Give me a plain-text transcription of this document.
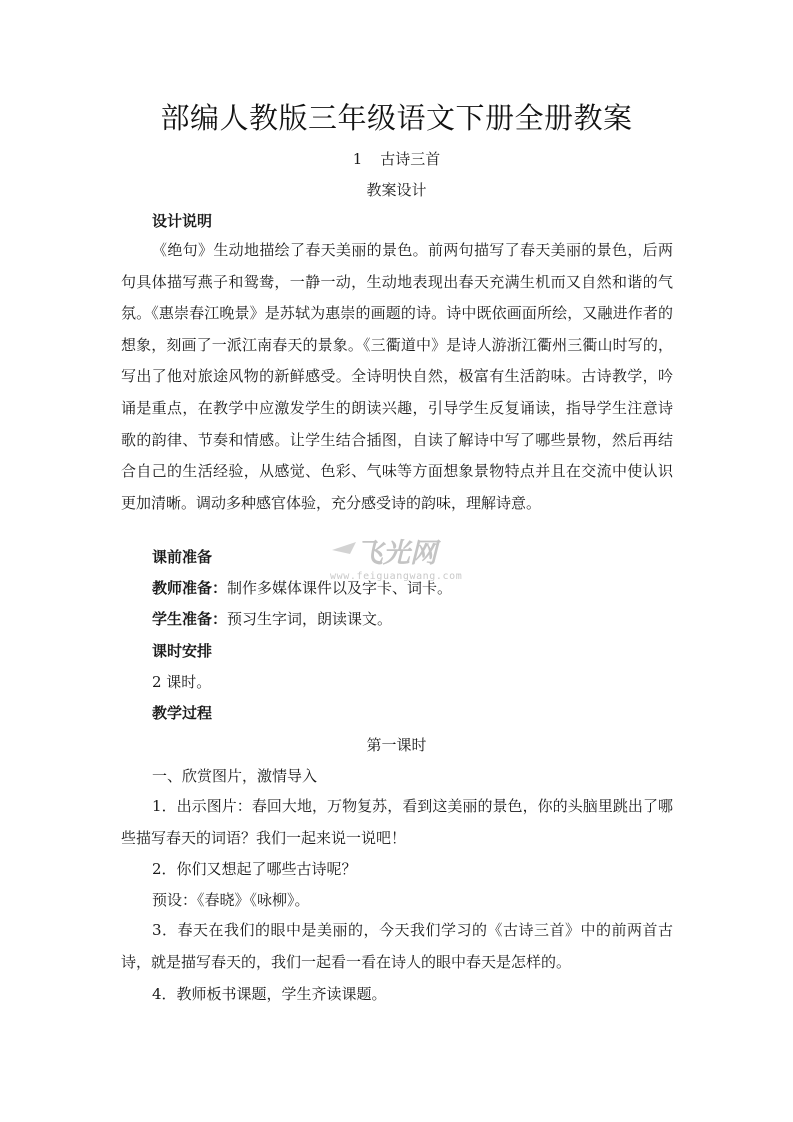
部编人教版三年级语文下册全册教案
1 古诗三首
教案设计
设计说明
《绝句》生动地描绘了春天美丽的景色。前两句描写了春天美丽的景色，后两句具体描写燕子和鸳鸯，一静一动，生动地表现出春天充满生机而又自然和谐的气氛。《惠崇春江晚景》是苏轼为惠崇的画题的诗。诗中既依画面所绘，又融进作者的想象，刻画了一派江南春天的景象。《三衢道中》是诗人游浙江衢州三衢山时写的，写出了他对旅途风物的新鲜感受。全诗明快自然，极富有生活韵味。古诗教学，吟诵是重点，在教学中应激发学生的朗读兴趣，引导学生反复诵读，指导学生注意诗歌的韵律、节奏和情感。让学生结合插图，自读了解诗中写了哪些景物，然后再结合自己的生活经验，从感觉、色彩、气味等方面想象景物特点并且在交流中使认识更加清晰。调动多种感官体验，充分感受诗的韵味，理解诗意。
课前准备
教师准备：制作多媒体课件以及字卡、词卡。
学生准备：预习生字词，朗读课文。
课时安排
2 课时。
教学过程
第一课时
一、欣赏图片，激情导入
1．出示图片：春回大地，万物复苏，看到这美丽的景色，你的头脑里跳出了哪些描写春天的词语？我们一起来说一说吧！
2．你们又想起了哪些古诗呢？
预设：《春晓》《咏柳》。
3．春天在我们的眼中是美丽的，今天我们学习的《古诗三首》中的前两首古诗，就是描写春天的，我们一起看一看在诗人的眼中春天是怎样的。
4．教师板书课题，学生齐读课题。
飞光网
www.feiguangwang.com
